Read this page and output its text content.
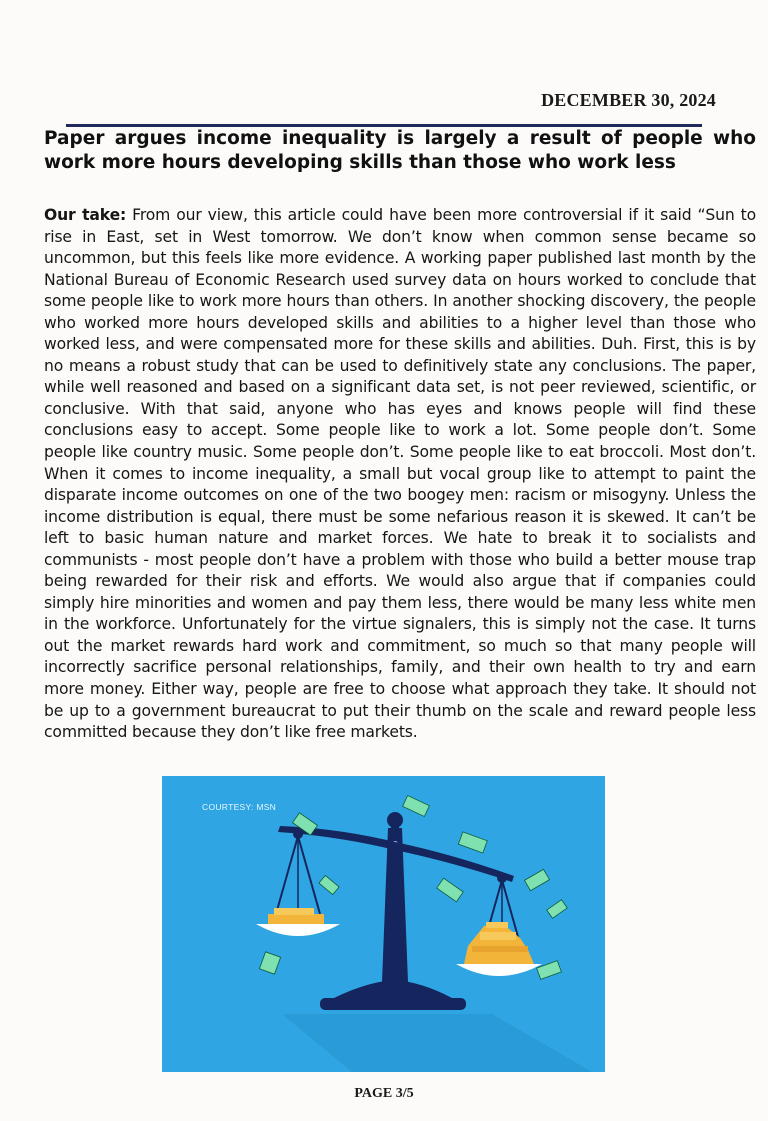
DECEMBER 30, 2024
Paper argues income inequality is largely a result of people who work more hours developing skills than those who work less

Our take: From our view, this article could have been more controversial if it said “Sun to rise in East, set in West tomorrow. We don’t know when common sense became so uncommon, but this feels like more evidence. A working paper published last month by the National Bureau of Economic Research used survey data on hours worked to conclude that some people like to work more hours than others. In another shocking discovery, the people who worked more hours developed skills and abilities to a higher level than those who worked less, and were compensated more for these skills and abilities. Duh. First, this is by no means a robust study that can be used to definitively state any conclusions. The paper, while well reasoned and based on a significant data set, is not peer reviewed, scientific, or conclusive. With that said, anyone who has eyes and knows people will find these conclusions easy to accept. Some people like to work a lot. Some people don’t. Some people like country music. Some people don’t. Some people like to eat broccoli. Most don’t. When it comes to income inequality, a small but vocal group like to attempt to paint the disparate income outcomes on one of the two boogey men: racism or misogyny. Unless the income distribution is equal, there must be some nefarious reason it is skewed. It can’t be left to basic human nature and market forces. We hate to break it to socialists and communists - most people don’t have a problem with those who build a better mouse trap being rewarded for their risk and efforts. We would also argue that if companies could simply hire minorities and women and pay them less, there would be many less white men in the workforce. Unfortunately for the virtue signalers, this is simply not the case. It turns out the market rewards hard work and commitment, so much so that many people will incorrectly sacrifice personal relationships, family, and their own health to try and earn more money. Either way, people are free to choose what approach they take. It should not be up to a government bureaucrat to put their thumb on the scale and reward people less committed because they don’t like free markets.

COURTESY: MSN
PAGE 3/5
